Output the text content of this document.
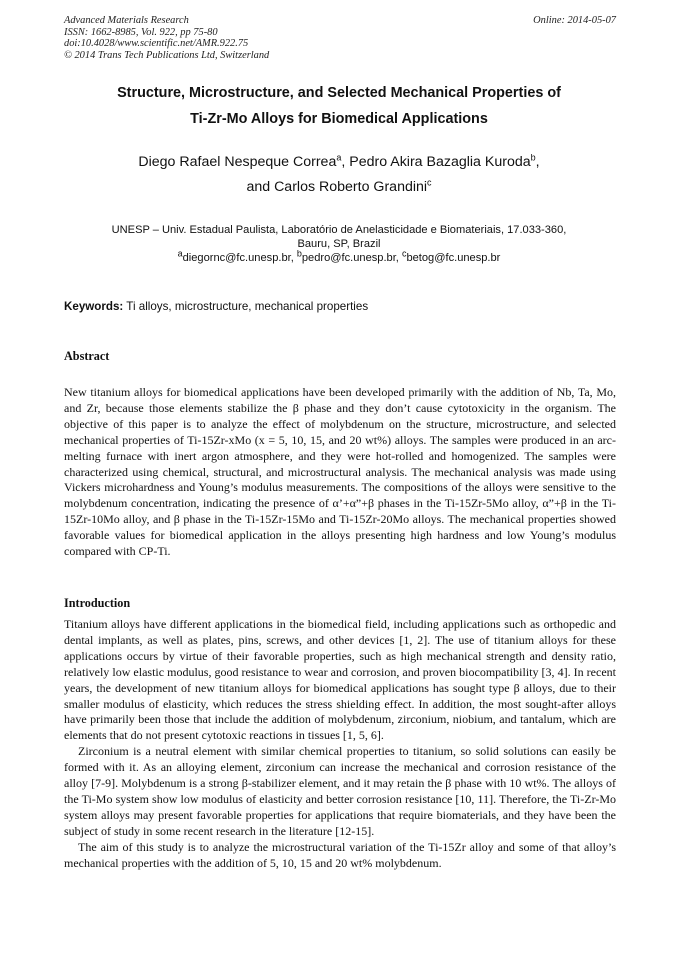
Advanced Materials Research
ISSN: 1662-8985, Vol. 922, pp 75-80
doi:10.4028/www.scientific.net/AMR.922.75
© 2014 Trans Tech Publications Ltd, Switzerland
Online: 2014-05-07
Structure, Microstructure, and Selected Mechanical Properties of
Ti-Zr-Mo Alloys for Biomedical Applications
Diego Rafael Nespeque Correa$^a$, Pedro Akira Bazaglia Kuroda$^b$,
and Carlos Roberto Grandini$^c$
UNESP – Univ. Estadual Paulista, Laboratório de Anelasticidade e Biomateriais, 17.033-360,
Bauru, SP, Brazil
$^a$diegornc@fc.unesp.br, $^b$pedro@fc.unesp.br, $^c$betog@fc.unesp.br
Keywords: Ti alloys, microstructure, mechanical properties
Abstract

New titanium alloys for biomedical applications have been developed primarily with the addition of Nb, Ta, Mo, and Zr, because those elements stabilize the β phase and they don’t cause cytotoxicity in the organism. The objective of this paper is to analyze the effect of molybdenum on the structure, microstructure, and selected mechanical properties of Ti-15Zr-xMo (x = 5, 10, 15, and 20 wt%) alloys. The samples were produced in an arc-melting furnace with inert argon atmosphere, and they were hot-rolled and homogenized. The samples were characterized using chemical, structural, and microstructural analysis. The mechanical analysis was made using Vickers microhardness and Young’s modulus measurements. The compositions of the alloys were sensitive to the molybdenum concentration, indicating the presence of α’+α”+β phases in the Ti-15Zr-5Mo alloy, α”+β in the Ti-15Zr-10Mo alloy, and β phase in the Ti-15Zr-15Mo and Ti-15Zr-20Mo alloys. The mechanical properties showed favorable values for biomedical application in the alloys presenting high hardness and low Young’s modulus compared with CP-Ti.

Introduction

Titanium alloys have different applications in the biomedical field, including applications such as orthopedic and dental implants, as well as plates, pins, screws, and other devices [1, 2]. The use of titanium alloys for these applications occurs by virtue of their favorable properties, such as high mechanical strength and density ratio, relatively low elastic modulus, good resistance to wear and corrosion, and proven biocompatibility [3, 4]. In recent years, the development of new titanium alloys for biomedical applications has sought type β alloys, due to their smaller modulus of elasticity, which reduces the stress shielding effect. In addition, the most sought-after alloys have primarily been those that include the addition of molybdenum, zirconium, niobium, and tantalum, which are elements that do not present cytotoxic reactions in tissues [1, 5, 6].

Zirconium is a neutral element with similar chemical properties to titanium, so solid solutions can easily be formed with it. As an alloying element, zirconium can increase the mechanical and corrosion resistance of the alloy [7-9]. Molybdenum is a strong β-stabilizer element, and it may retain the β phase with 10 wt%. The alloys of the Ti-Mo system show low modulus of elasticity and better corrosion resistance [10, 11]. Therefore, the Ti-Zr-Mo system alloys may present favorable properties for applications that require biomaterials, and they have been the subject of study in some recent research in the literature [12-15].

The aim of this study is to analyze the microstructural variation of the Ti-15Zr alloy and some of that alloy’s mechanical properties with the addition of 5, 10, 15 and 20 wt% molybdenum.
